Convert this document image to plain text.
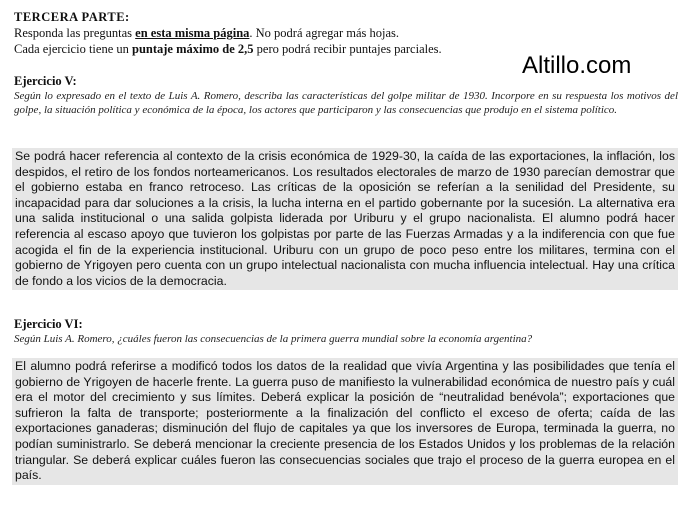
TERCERA PARTE:
Responda las preguntas en esta misma página. No podrá agregar más hojas.
Cada ejercicio tiene un puntaje máximo de 2,5 pero podrá recibir puntajes parciales.
Altillo.com
Ejercicio V:
Según lo expresado en el texto de Luis A. Romero, describa las características del golpe militar de 1930. Incorpore en su respuesta los motivos del golpe, la situación política y económica de la época, los actores que participaron y las consecuencias que produjo en el sistema político.
Se podrá hacer referencia al contexto de la crisis económica de 1929-30, la caída de las exportaciones, la inflación, los despidos, el retiro de los fondos norteamericanos. Los resultados electorales de marzo de 1930 parecían demostrar que el gobierno estaba en franco retroceso. Las críticas de la oposición se referían a la senilidad del Presidente, su incapacidad para dar soluciones a la crisis, la lucha interna en el partido gobernante por la sucesión. La alternativa era una salida institucional o una salida golpista liderada por Uriburu y el grupo nacionalista. El alumno podrá hacer referencia al escaso apoyo que tuvieron los golpistas por parte de las Fuerzas Armadas y a la indiferencia con que fue acogida el fin de la experiencia institucional. Uriburu con un grupo de poco peso entre los militares, termina con el gobierno de Yrigoyen pero cuenta con un grupo intelectual nacionalista con mucha influencia intelectual. Hay una crítica de fondo a los vicios de la democracia.
Ejercicio VI:
Según Luis A. Romero, ¿cuáles fueron las consecuencias de la primera guerra mundial sobre la economía argentina?
El alumno podrá referirse a modificó todos los datos de la realidad que vivía Argentina y las posibilidades que tenía el gobierno de Yrigoyen de hacerle frente. La guerra puso de manifiesto la vulnerabilidad económica de nuestro país y cuál era el motor del crecimiento y sus límites. Deberá explicar la posición de “neutralidad benévola”; exportaciones que sufrieron la falta de transporte; posteriormente a la finalización del conflicto el exceso de oferta; caída de las exportaciones ganaderas; disminución del flujo de capitales ya que los inversores de Europa, terminada la guerra, no podían suministrarlo. Se deberá mencionar la creciente presencia de los Estados Unidos y los problemas de la relación triangular. Se deberá explicar cuáles fueron las consecuencias sociales que trajo el proceso de la guerra europea en el país.
